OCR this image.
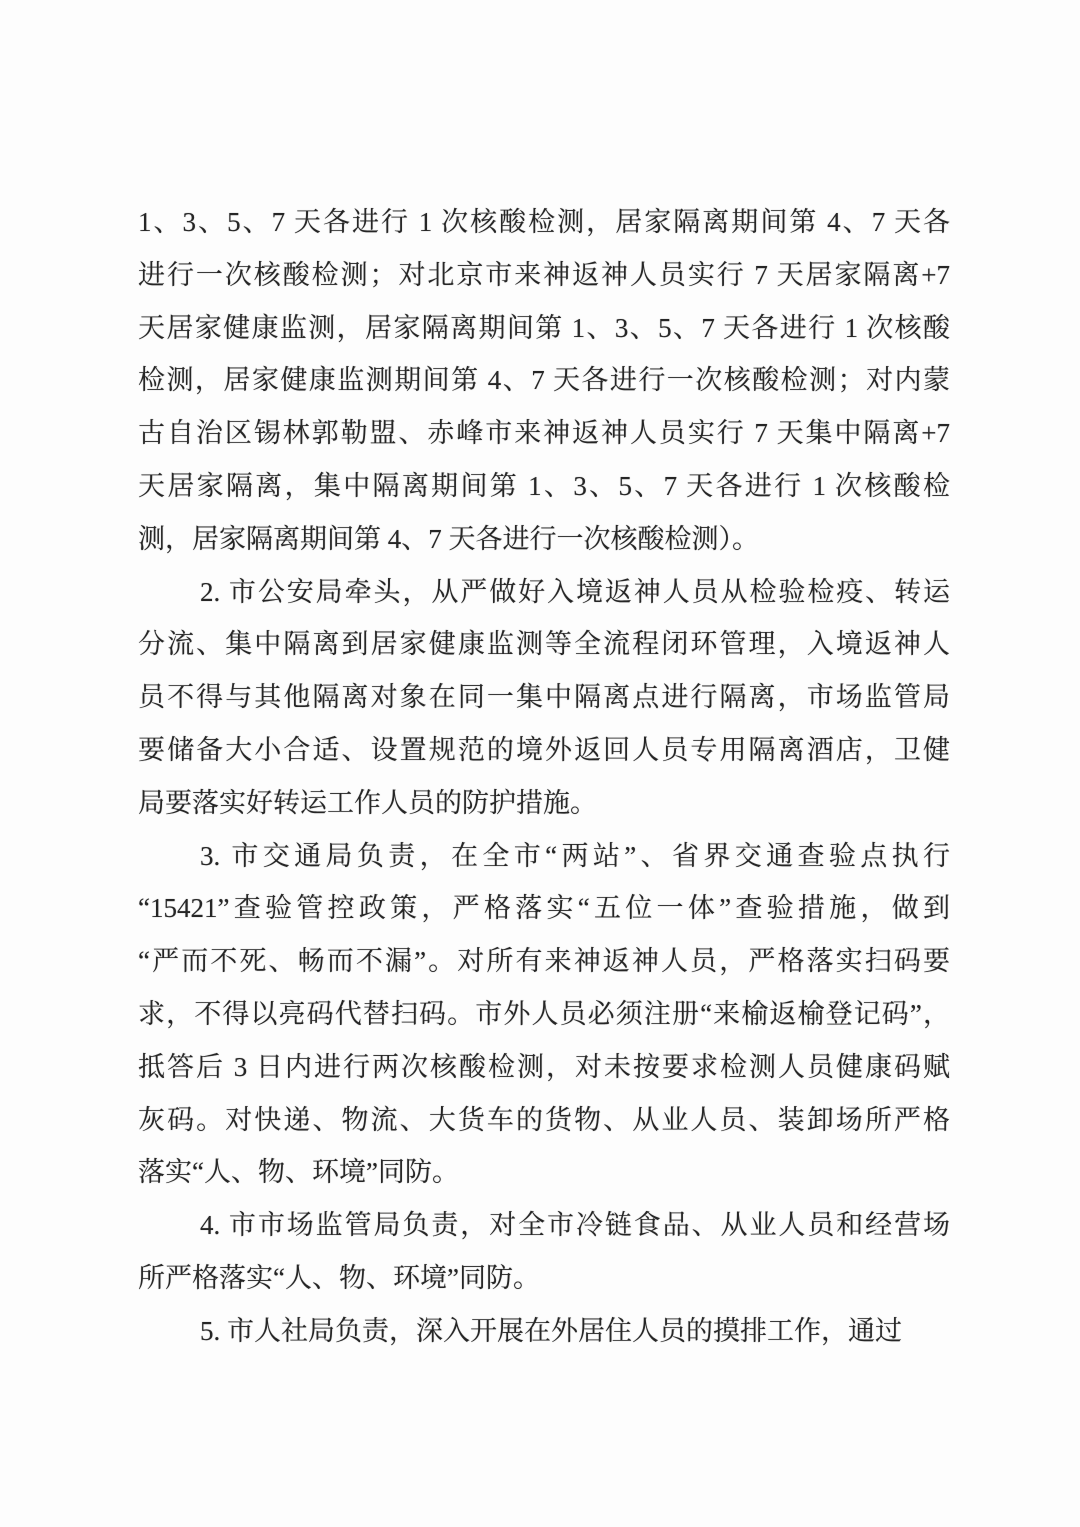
1、3、5、7 天各进行 1 次核酸检测，居家隔离期间第 4、7 天各
进行一次核酸检测；对北京市来神返神人员实行 7 天居家隔离+7
天居家健康监测，居家隔离期间第 1、3、5、7 天各进行 1 次核酸
检测，居家健康监测期间第 4、7 天各进行一次核酸检测；对内蒙
古自治区锡林郭勒盟、赤峰市来神返神人员实行 7 天集中隔离+7
天居家隔离，集中隔离期间第 1、3、5、7 天各进行 1 次核酸检
测，居家隔离期间第 4、7 天各进行一次核酸检测）。
2. 市公安局牵头，从严做好入境返神人员从检验检疫、转运
分流、集中隔离到居家健康监测等全流程闭环管理，入境返神人
员不得与其他隔离对象在同一集中隔离点进行隔离，市场监管局
要储备大小合适、设置规范的境外返回人员专用隔离酒店，卫健
局要落实好转运工作人员的防护措施。
3. 市交通局负责，在全市“两站”、省界交通查验点执行
“15421”查验管控政策，严格落实“五位一体”查验措施，做到
“严而不死、畅而不漏”。对所有来神返神人员，严格落实扫码要
求，不得以亮码代替扫码。市外人员必须注册“来榆返榆登记码”，
抵答后 3 日内进行两次核酸检测，对未按要求检测人员健康码赋
灰码。对快递、物流、大货车的货物、从业人员、装卸场所严格
落实“人、物、环境”同防。
4. 市市场监管局负责，对全市冷链食品、从业人员和经营场
所严格落实“人、物、环境”同防。
5. 市人社局负责，深入开展在外居住人员的摸排工作，通过
